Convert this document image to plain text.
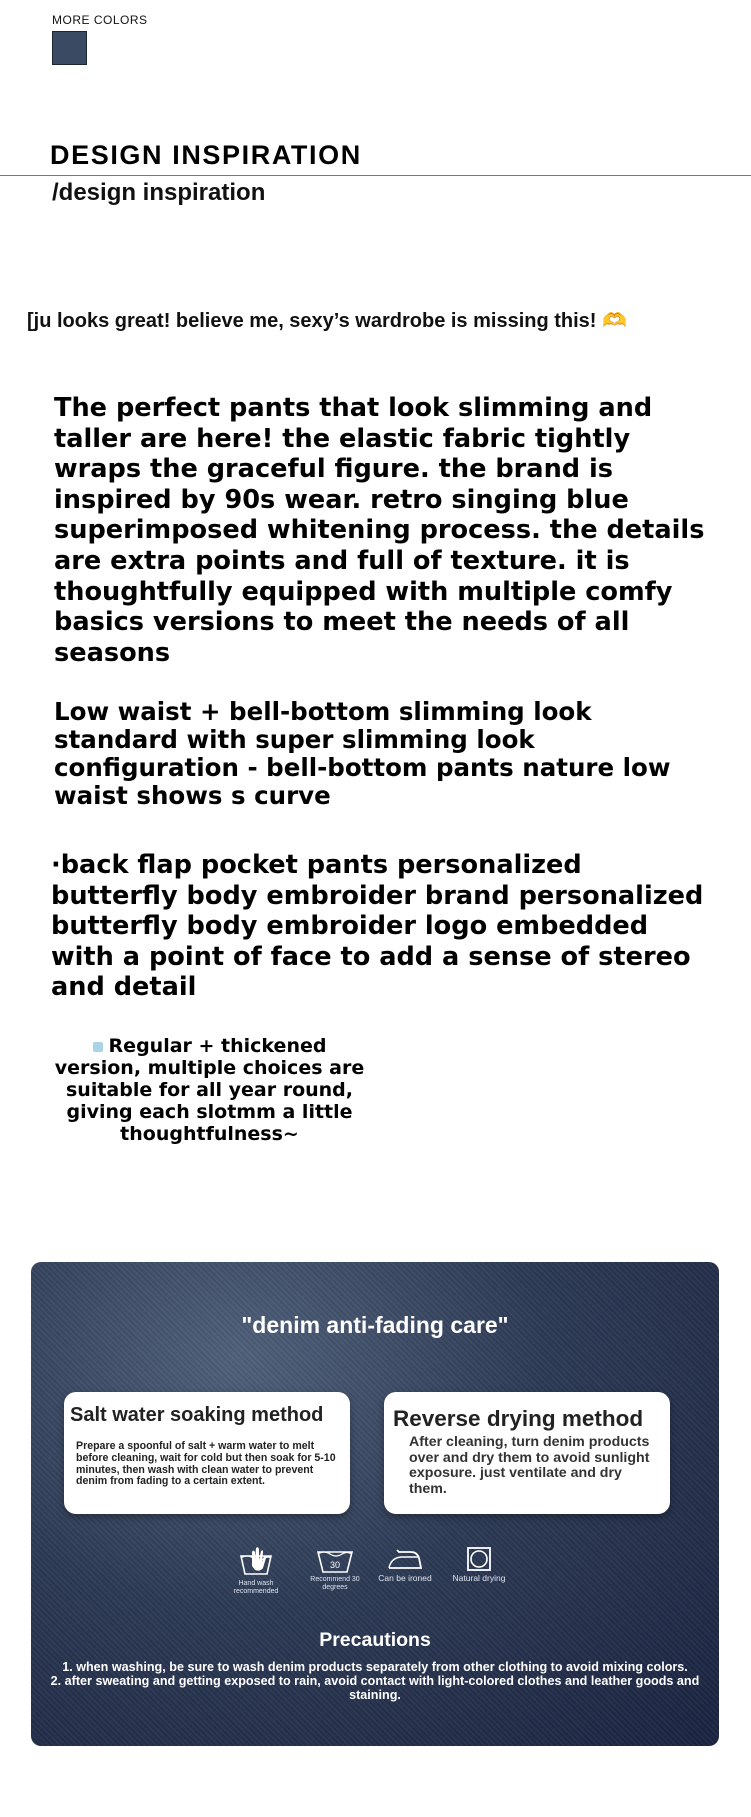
MORE COLORS
DESIGN INSPIRATION
/design inspiration
[ju looks great! believe me, sexy’s wardrobe is missing this! 🫶
The perfect pants that look slimming and taller are here! the elastic fabric tightly wraps the graceful figure. the brand is inspired by 90s wear. retro singing blue superimposed whitening process. the details are extra points and full of texture. it is thoughtfully equipped with multiple comfy basics versions to meet the needs of all seasons
Low waist + bell-bottom slimming look standard with super slimming look configuration - bell-bottom pants nature low waist shows s curve
·back flap pocket pants personalized butterfly body embroider brand personalized butterfly body embroider logo embedded with a point of face to add a sense of stereo and detail
Regular + thickened version, multiple choices are suitable for all year round, giving each slotmm a little thoughtfulness~
"denim anti-fading care"
Salt water soaking method
Prepare a spoonful of salt + warm water to melt before cleaning, wait for cold but then soak for 5-10 minutes, then wash with clean water to prevent denim from fading to a certain extent.
Reverse drying method
After cleaning, turn denim products over and dry them to avoid sunlight exposure. just ventilate and dry them.
Hand wash recommended
30
Recommend 30 degrees
Can be ironed	Natural drying
Precautions
1. when washing, be sure to wash denim products separately from other clothing to avoid mixing colors.
2. after sweating and getting exposed to rain, avoid contact with light-colored clothes and leather goods and staining.
